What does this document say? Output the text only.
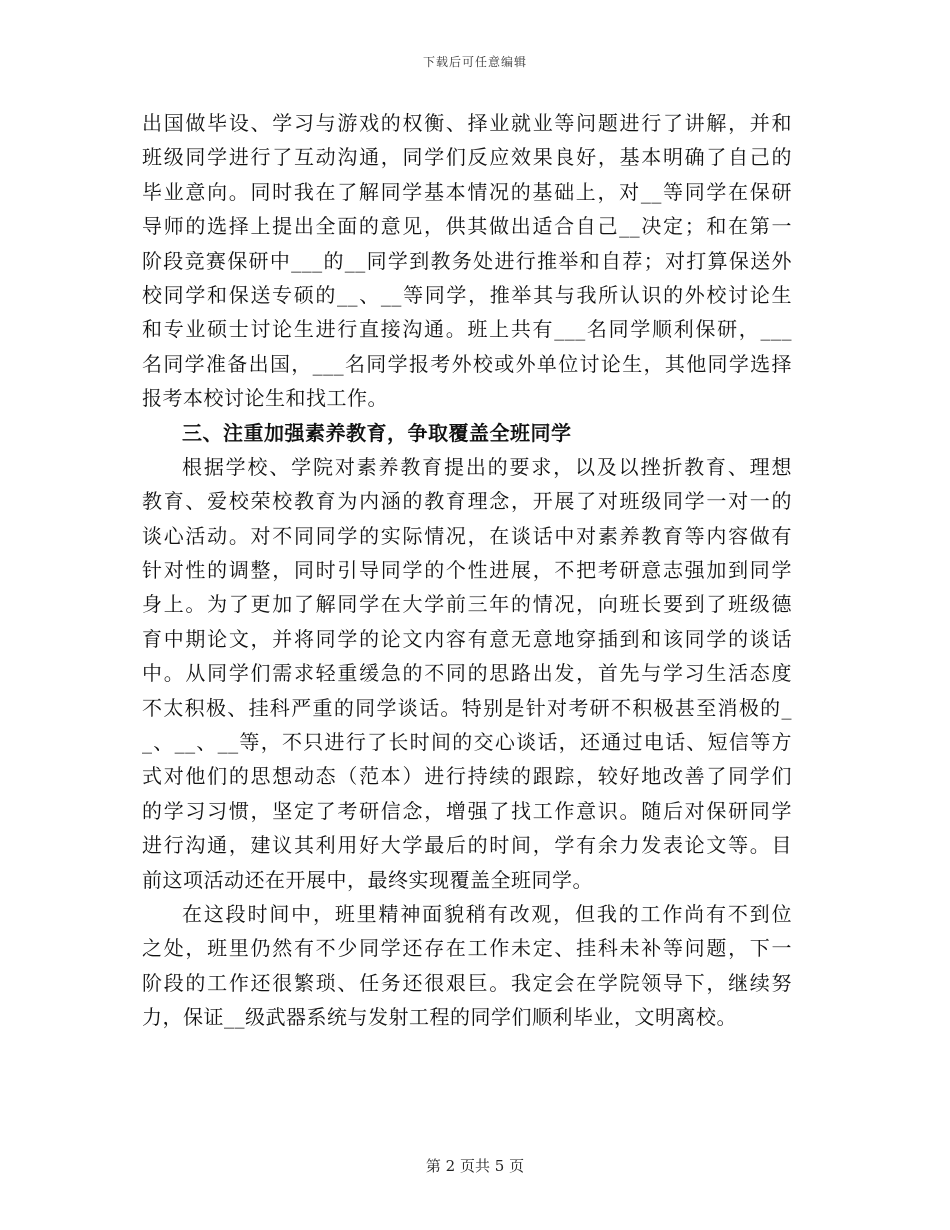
下载后可任意编辑
出国做毕设、学习与游戏的权衡、择业就业等问题进行了讲解，并和
班级同学进行了互动沟通，同学们反应效果良好，基本明确了自己的
毕业意向。同时我在了解同学基本情况的基础上，对__等同学在保研
导师的选择上提出全面的意见，供其做出适合自己__决定；和在第一
阶段竞赛保研中___的__同学到教务处进行推举和自荐；对打算保送外
校同学和保送专硕的__、__等同学，推举其与我所认识的外校讨论生
和专业硕士讨论生进行直接沟通。班上共有___名同学顺利保研，___
名同学准备出国，___名同学报考外校或外单位讨论生，其他同学选择
报考本校讨论生和找工作。
三、注重加强素养教育，争取覆盖全班同学
根据学校、学院对素养教育提出的要求，以及以挫折教育、理想
教育、爱校荣校教育为内涵的教育理念，开展了对班级同学一对一的
谈心活动。对不同同学的实际情况，在谈话中对素养教育等内容做有
针对性的调整，同时引导同学的个性进展，不把考研意志强加到同学
身上。为了更加了解同学在大学前三年的情况，向班长要到了班级德
育中期论文，并将同学的论文内容有意无意地穿插到和该同学的谈话
中。从同学们需求轻重缓急的不同的思路出发，首先与学习生活态度
不太积极、挂科严重的同学谈话。特别是针对考研不积极甚至消极的_
_、__、__等，不只进行了长时间的交心谈话，还通过电话、短信等方
式对他们的思想动态（范本）进行持续的跟踪，较好地改善了同学们
的学习习惯，坚定了考研信念，增强了找工作意识。随后对保研同学
进行沟通，建议其利用好大学最后的时间，学有余力发表论文等。目
前这项活动还在开展中，最终实现覆盖全班同学。
在这段时间中，班里精神面貌稍有改观，但我的工作尚有不到位
之处，班里仍然有不少同学还存在工作未定、挂科未补等问题，下一
阶段的工作还很繁琐、任务还很艰巨。我定会在学院领导下，继续努
力，保证__级武器系统与发射工程的同学们顺利毕业，文明离校。
第 2 页共 5 页
